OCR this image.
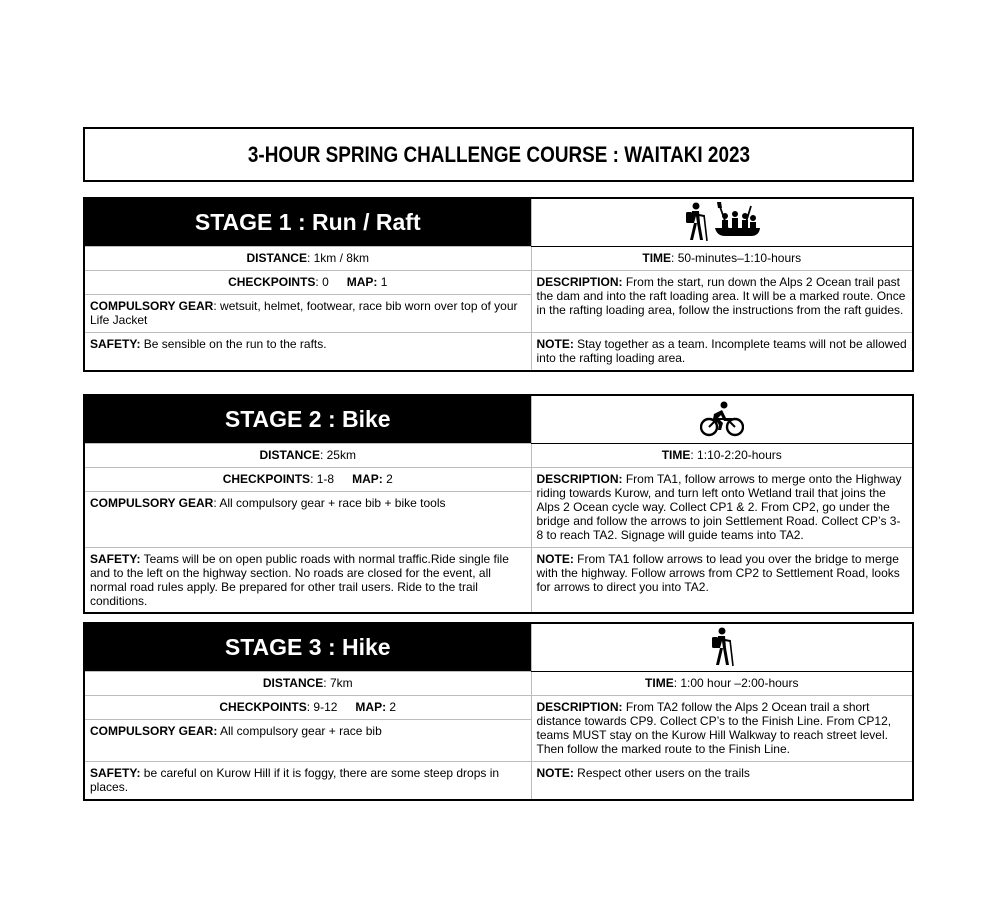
3-HOUR SPRING CHALLENGE COURSE : WAITAKI 2023
STAGE 1 : Run / Raft	
DISTANCE: 1km / 8km	TIME: 50-minutes–1:10-hours
CHECKPOINTS: 0 MAP: 1	DESCRIPTION: From the start, run down the Alps 2 Ocean trail past the dam and into the raft loading area. It will be a marked route. Once in the rafting loading area, follow the instructions from the raft guides.
COMPULSORY GEAR: wetsuit, helmet, footwear, race bib worn over top of your Life Jacket	
SAFETY: Be sensible on the run to the rafts.	NOTE: Stay together as a team. Incomplete teams will not be allowed into the rafting loading area.
STAGE 2 : Bike	
DISTANCE: 25km	TIME: 1:10-2:20-hours
CHECKPOINTS: 1-8 MAP: 2	DESCRIPTION: From TA1, follow arrows to merge onto the Highway riding towards Kurow, and turn left onto Wetland trail that joins the Alps 2 Ocean cycle way. Collect CP1 & 2. From CP2, go under the bridge and follow the arrows to join Settlement Road. Collect CP’s 3-8 to reach TA2. Signage will guide teams into TA2.
COMPULSORY GEAR: All compulsory gear + race bib + bike tools	
SAFETY: Teams will be on open public roads with normal traffic.Ride single file and to the left on the highway section. No roads are closed for the event, all normal road rules apply. Be prepared for other trail users. Ride to the trail conditions.	NOTE: From TA1 follow arrows to lead you over the bridge to merge with the highway. Follow arrows from CP2 to Settlement Road, looks for arrows to direct you into TA2.
STAGE 3 : Hike	
DISTANCE: 7km	TIME: 1:00 hour –2:00-hours
CHECKPOINTS: 9-12 MAP: 2	DESCRIPTION: From TA2 follow the Alps 2 Ocean trail a short distance towards CP9. Collect CP’s to the Finish Line. From CP12, teams MUST stay on the Kurow Hill Walkway to reach street level. Then follow the marked route to the Finish Line.
COMPULSORY GEAR: All compulsory gear + race bib	
SAFETY: be careful on Kurow Hill if it is foggy, there are some steep drops in places.	NOTE: Respect other users on the trails
